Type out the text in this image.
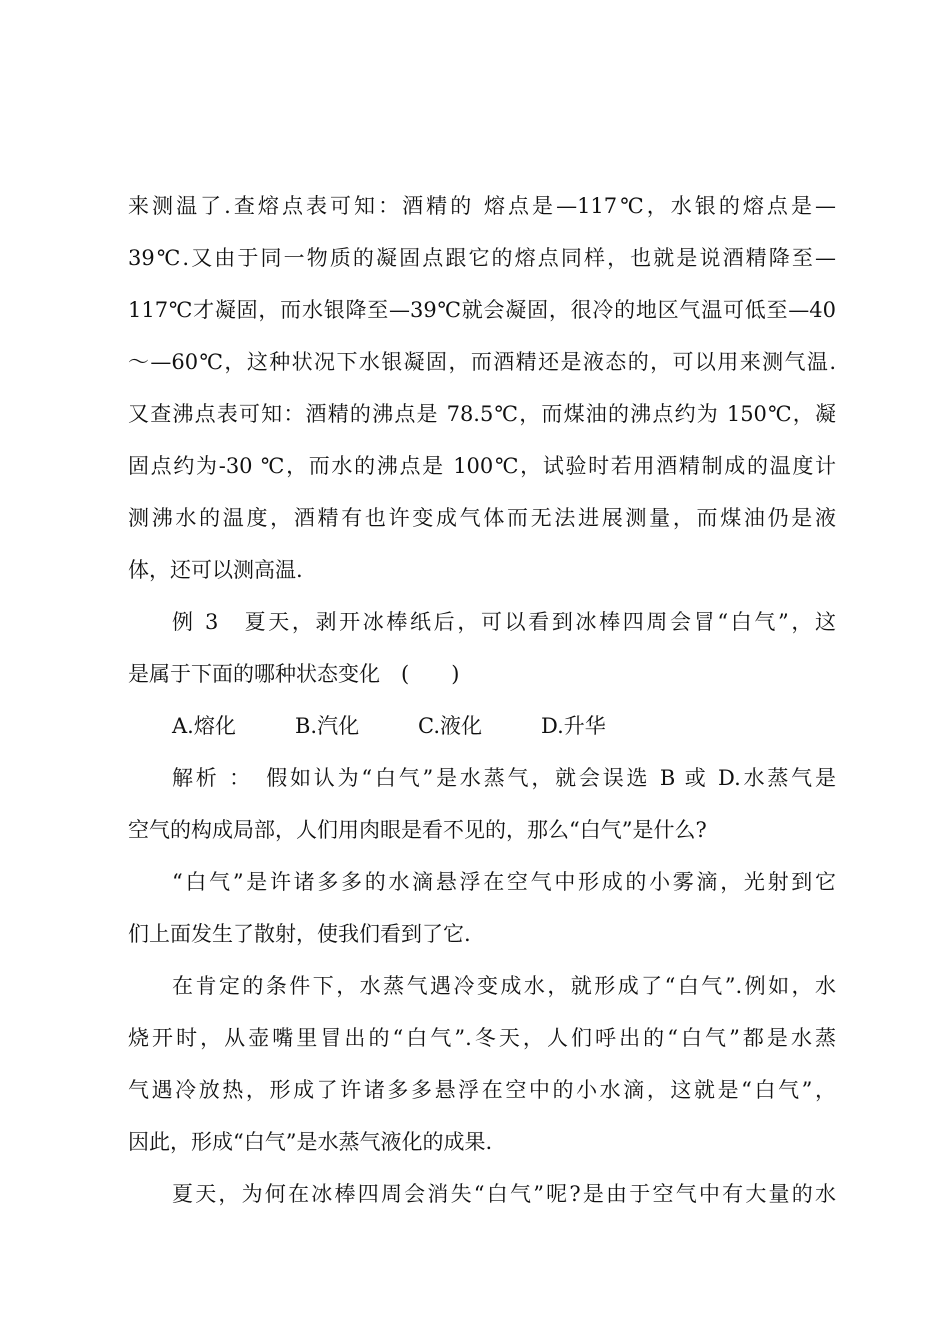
来测温了.查熔点表可知：酒精的 熔点是—117℃，水银的熔点是—
39℃.又由于同一物质的凝固点跟它的熔点同样，也就是说酒精降至—
117℃才凝固，而水银降至—39℃就会凝固，很冷的地区气温可低至—40
～—60℃，这种状况下水银凝固，而酒精还是液态的，可以用来测气温.
又查沸点表可知：酒精的沸点是 78.5℃，而煤油的沸点约为 150℃，凝
固点约为-30 ℃，而水的沸点是 100℃，试验时若用酒精制成的温度计
测沸水的温度，酒精有也许变成气体而无法进展测量，而煤油仍是液
体，还可以测高温.
例 3　夏天，剥开冰棒纸后，可以看到冰棒四周会冒“白气”，这
是属于下面的哪种状态变化　(　　)
A.熔化	B.汽化	C.液化	D.升华
解析 ：　假如认为“白气”是水蒸气，就会误选 B 或 D.水蒸气是
空气的构成局部，人们用肉眼是看不见的，那么“白气”是什么?
“白气”是许诸多多的水滴悬浮在空气中形成的小雾滴，光射到它
们上面发生了散射，使我们看到了它.
在肯定的条件下，水蒸气遇冷变成水，就形成了“白气”.例如，水
烧开时，从壶嘴里冒出的“白气”.冬天，人们呼出的“白气”都是水蒸
气遇冷放热，形成了许诸多多悬浮在空中的小水滴，这就是“白气”，
因此，形成“白气”是水蒸气液化的成果.
夏天，为何在冰棒四周会消失“白气”呢?是由于空气中有大量的水
